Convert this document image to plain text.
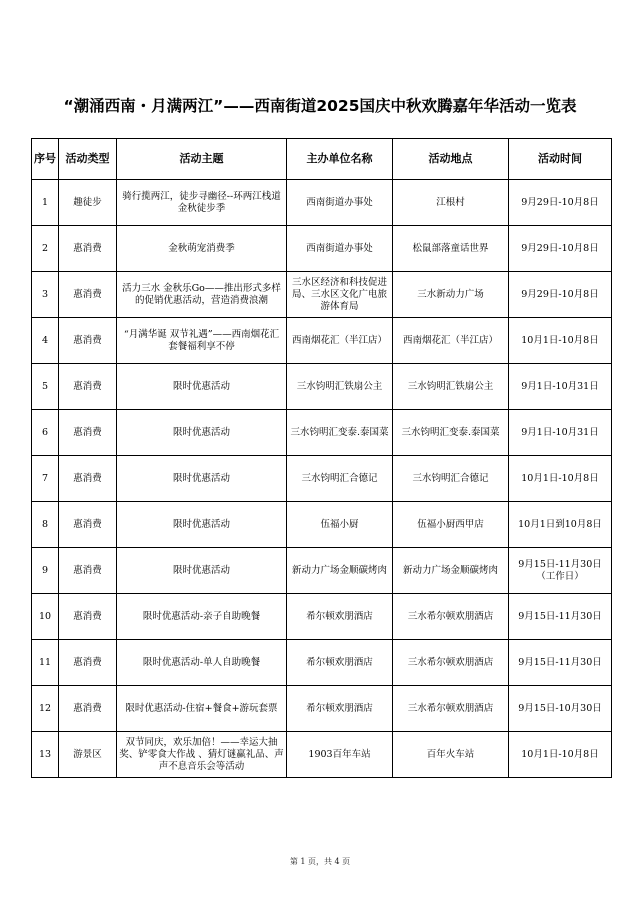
“潮涌西南・月满两江”——西南街道2025国庆中秋欢腾嘉年华活动一览表
序号	活动类型	活动主题	主办单位名称	活动地点	活动时间
1	趣徒步	骑行揽两江，徒步寻幽径--环两江栈道金秋徒步季	西南街道办事处	江根村	9月29日-10月8日
2	惠消费	金秋萌宠消费季	西南街道办事处	松鼠部落童话世界	9月29日-10月8日
3	惠消费	活力三水 金秋乐Go——推出形式多样的促销优惠活动，营造消费浪潮	三水区经济和科技促进局、三水区文化广电旅游体育局	三水新动力广场	9月29日-10月8日
4	惠消费	“月满华诞 双节礼遇”——西南烟花汇 套餐福利享不停	西南烟花汇（半江店）	西南烟花汇（半江店）	10月1日-10月8日
5	惠消费	限时优惠活动	三水钧明汇铁扇公主	三水钧明汇铁扇公主	9月1日-10月31日
6	惠消费	限时优惠活动	三水钧明汇变泰.泰国菜	三水钧明汇变泰.泰国菜	9月1日-10月31日
7	惠消费	限时优惠活动	三水钧明汇合德记	三水钧明汇合德记	10月1日-10月8日
8	惠消费	限时优惠活动	伍福小厨	伍福小厨西甲店	10月1日到10月8日
9	惠消费	限时优惠活动	新动力广场金顺碳烤肉	新动力广场金顺碳烤肉	9月15日-11月30日（工作日）
10	惠消费	限时优惠活动-亲子自助晚餐	希尔顿欢朋酒店	三水希尔顿欢朋酒店	9月15日-11月30日
11	惠消费	限时优惠活动-单人自助晚餐	希尔顿欢朋酒店	三水希尔顿欢朋酒店	9月15日-11月30日
12	惠消费	限时优惠活动-住宿+餐食+游玩套票	希尔顿欢朋酒店	三水希尔顿欢朋酒店	9月15日-10月30日
13	游景区	双节同庆，欢乐加倍！——幸运大抽奖、铲零食大作战 、猜灯谜赢礼品、声声不息音乐会等活动	1903百年车站	百年火车站	10月1日-10月8日
第 1 页，共 4 页
